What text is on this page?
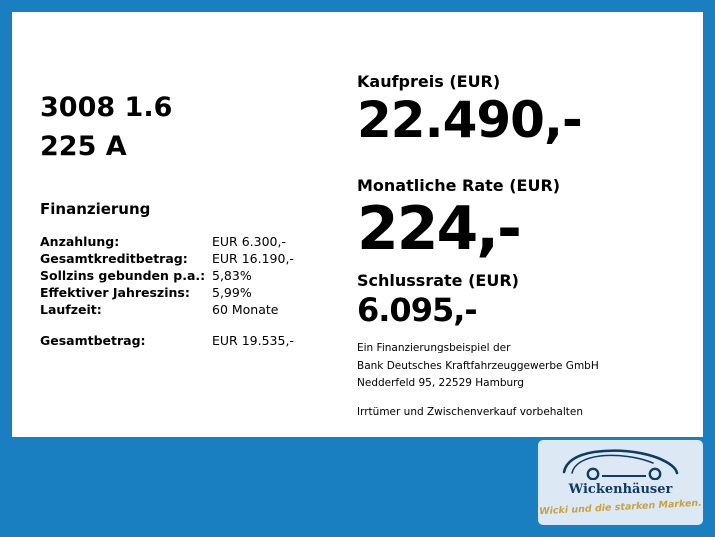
3008 1.6
225 A
Finanzierung
Anzahlung:	EUR 6.300,-
Gesamtkreditbetrag:	EUR 16.190,-
Sollzins gebunden p.a.:	5,83%
Effektiver Jahreszins:	5,99%
Laufzeit:	60 Monate

Gesamtbetrag:	EUR 19.535,-
Kaufpreis (EUR)
22.490,-
Monatliche Rate (EUR)
224,-
Schlussrate (EUR)
6.095,-
Ein Finanzierungsbeispiel der
Bank Deutsches Kraftfahrzeuggewerbe GmbH
Nedderfeld 95, 22529 Hamburg
Irrtümer und Zwischenverkauf vorbehalten
Wickenhäuser
Wicki und die starken Marken.
